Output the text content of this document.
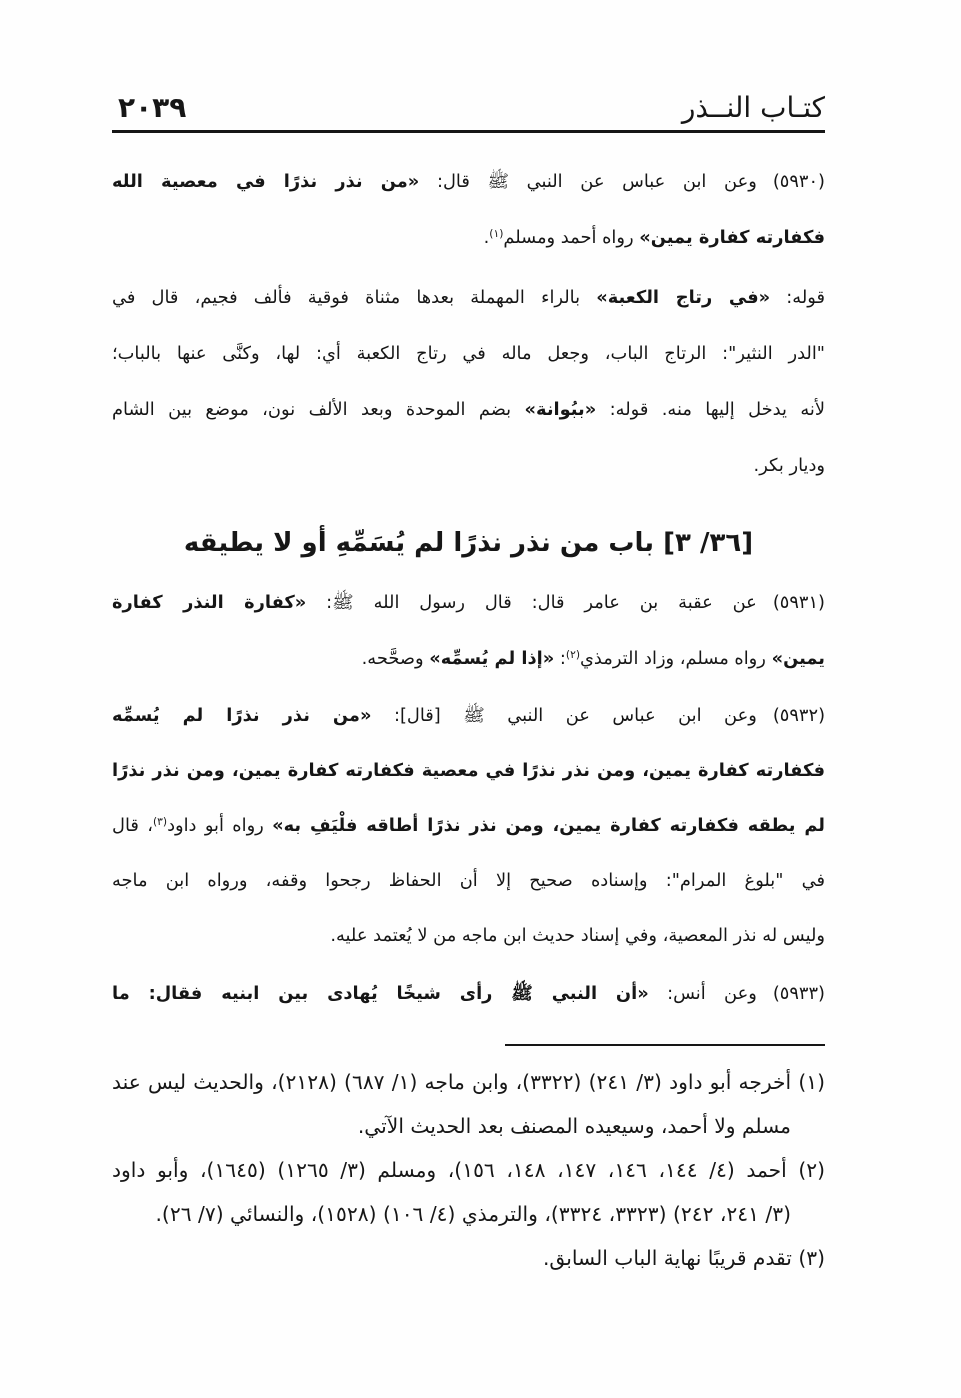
كتـاب النــذر
٢٠٣٩
(٥٩٣٠)وعن ابن عباس عن النبي ﷺ قال: «من نذر نذرًا في معصية الله
فكفارته كفارة يمين» رواه أحمد ومسلم$^{(١)}$.
قوله: «في رتاج الكعبة» بالراء المهملة بعدها مثناة فوقية فألف فجيم، قال في
"الدر النثير": الرتاج الباب، وجعل ماله في رتاج الكعبة أي: لها، وكنَّى عنها بالباب؛
لأنه يدخل إليها منه. قوله: «ببُوانة» بضم الموحدة وبعد الألف نون، موضع بين الشام
وديار بكر.
[٣٦/ ٣] باب من نذر نذرًا لم يُسَمِّهِ أو لا يطيقه
(٥٩٣١)عن عقبة بن عامر قال: قال رسول الله ﷺ: «كفارة النذر كفارة
يمين» رواه مسلم، وزاد الترمذي$^{(٢)}$: «إذا لم يُسمِّه» وصحَّحه.
(٥٩٣٢)وعن ابن عباس عن النبي ﷺ [قال]: «من نذر نذرًا لم يُسمِّه
فكفارته كفارة يمين، ومن نذر نذرًا في معصية فكفارته كفارة يمين، ومن نذر نذرًا
لم يطقه فكفارته كفارة يمين، ومن نذر نذرًا أطاقه فلْيَفِ به» رواه أبو داود$^{(٣)}$، قال
في "بلوغ المرام": وإسناده صحيح إلا أن الحفاظ رجحوا وقفه، ورواه ابن ماجه
وليس له نذر المعصية، وفي إسناد حديث ابن ماجه من لا يُعتمد عليه.
(٥٩٣٣)وعن أنس: «أن النبي ﷺ رأى شيخًا يُهادى بين ابنيه فقال: ما
(١) أخرجه أبو داود (٣/ ٢٤١) (٣٣٢٢)، وابن ماجه (١/ ٦٨٧) (٢١٢٨)، والحديث ليس عند
مسلم ولا أحمد، وسيعيده المصنف بعد الحديث الآتي.
(٢) أحمد (٤/ ١٤٤، ١٤٦، ١٤٧، ١٤٨، ١٥٦)، ومسلم (٣/ ١٢٦٥) (١٦٤٥)، وأبو داود
(٣/ ٢٤١، ٢٤٢) (٣٣٢٣، ٣٣٢٤)، والترمذي (٤/ ١٠٦) (١٥٢٨)، والنسائي (٧/ ٢٦).
(٣) تقدم قريبًا نهاية الباب السابق.
